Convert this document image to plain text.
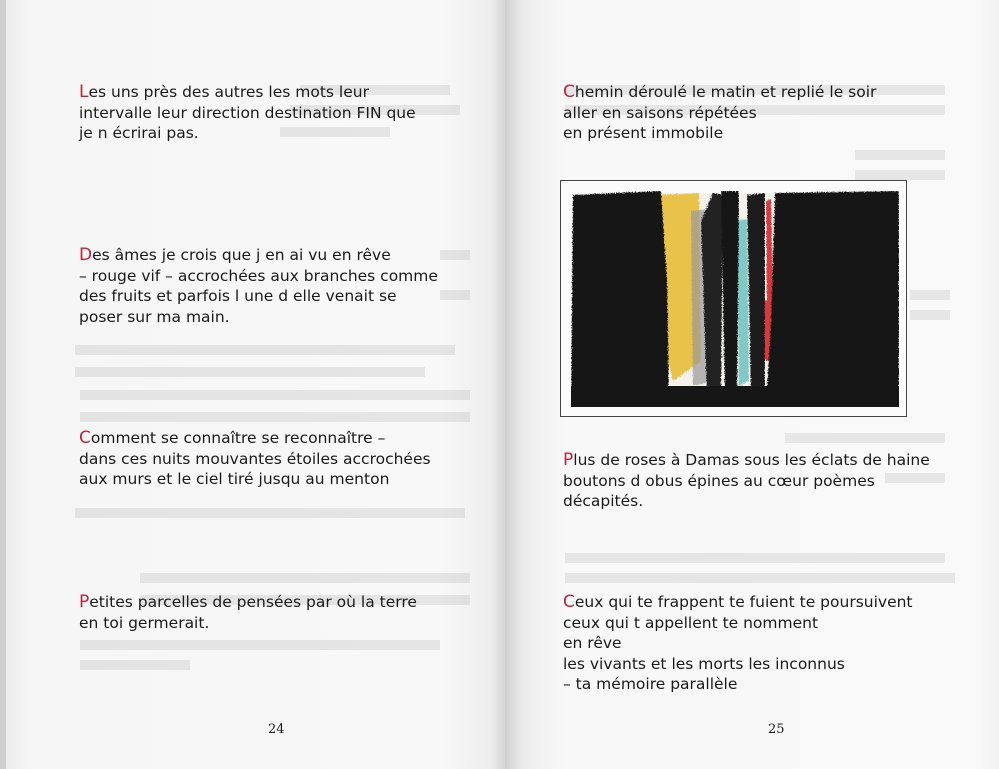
Les uns près des autres les mots leur
intervalle leur direction destination FIN que
je n écrirai pas.

Des âmes je crois que j en ai vu en rêve
– rouge vif – accrochées aux branches comme
des fruits et parfois l une d elle venait se
poser sur ma main.

Comment se connaître se reconnaître –
dans ces nuits mouvantes étoiles accrochées
aux murs et le ciel tiré jusqu au menton

Petites parcelles de pensées par où la terre
en toi germerait.

24	25

Chemin déroulé le matin et replié le soir
aller en saisons répétées
en présent immobile

Plus de roses à Damas sous les éclats de haine
boutons d obus épines au cœur poèmes
décapités.

Ceux qui te frappent te fuient te poursuivent
ceux qui t appellent te nomment
en rêve
les vivants et les morts les inconnus
– ta mémoire parallèle
